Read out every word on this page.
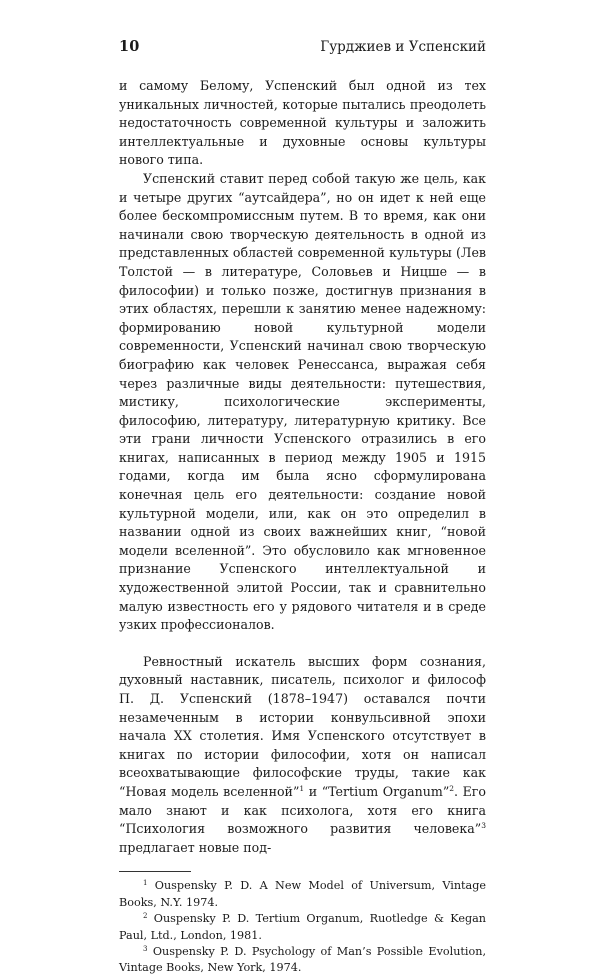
10	Гурджиев и Успенский

и самому Белому, Успенский был одной из тех уникальных личностей, которые пытались преодолеть недостаточность современной культуры и заложить интеллектуальные и духовные основы культуры нового типа.

Успенский ставит перед собой такую же цель, как и четыре других “аутсайдера”, но он идет к ней еще более бескомпромиссным путем. В то время, как они начинали свою творческую деятельность в одной из представленных областей современной культуры (Лев Толстой — в литературе, Соловьев и Ницше — в философии) и только позже, достигнув признания в этих областях, перешли к занятию менее надежному: формированию новой культурной модели современности, Успенский начинал свою творческую биографию как человек Ренессанса, выражая себя через различные виды деятельности: путешествия, мистику, психологические эксперименты, философию, литературу, литературную критику. Все эти грани личности Успенского отразились в его книгах, написанных в период между 1905 и 1915 годами, когда им была ясно сформулирована конечная цель его деятельности: создание новой культурной модели, или, как он это определил в названии одной из своих важнейших книг, “новой модели вселенной”. Это обусловило как мгновенное признание Успенского интеллектуальной и художественной элитой России, так и сравнительно малую известность его у рядового читателя и в среде узких профессионалов.

Ревностный искатель высших форм сознания, духовный наставник, писатель, психолог и философ П. Д. Успенский (1878–1947) оставался почти незамеченным в истории конвульсивной эпохи начала XX столетия. Имя Успенского отсутствует в книгах по истории философии, хотя он написал всеохватывающие философские труды, такие как “Новая модель вселенной”$^1$ и “Tertium Organum”$^2$. Его мало знают и как психолога, хотя его книга “Психология возможного развития человека”$^3$ предлагает новые под-

$^1$ Ouspensky P. D. A New Model of Universum, Vintage Books, N.Y. 1974.

$^2$ Ouspensky P. D. Tertium Organum, Ruotledge & Kegan Paul, Ltd., London, 1981.

$^3$ Ouspensky P. D. Psychology of Man’s Possible Evolution, Vintage Books, New York, 1974.
